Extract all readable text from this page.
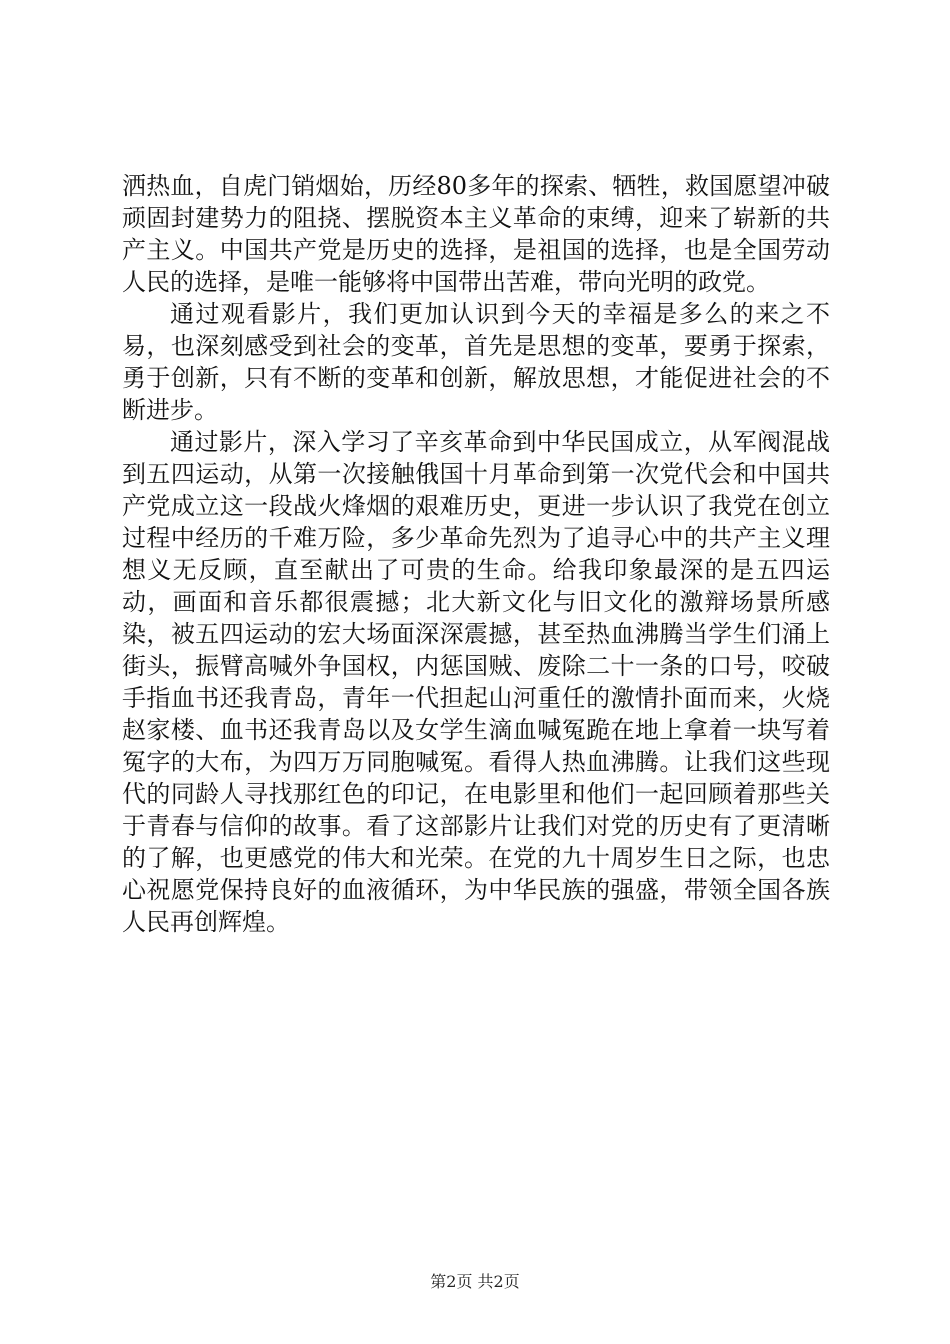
洒热血，自虎门销烟始，历经80多年的探索、牺牲，救国愿望冲破顽固封建势力的阻挠、摆脱资本主义革命的束缚，迎来了崭新的共产主义。中国共产党是历史的选择，是祖国的选择，也是全国劳动人民的选择，是唯一能够将中国带出苦难，带向光明的政党。

通过观看影片，我们更加认识到今天的幸福是多么的来之不易，也深刻感受到社会的变革，首先是思想的变革，要勇于探索，勇于创新，只有不断的变革和创新，解放思想，才能促进社会的不断进步。

通过影片，深入学习了辛亥革命到中华民国成立，从军阀混战到五四运动，从第一次接触俄国十月革命到第一次党代会和中国共产党成立这一段战火烽烟的艰难历史，更进一步认识了我党在创立过程中经历的千难万险，多少革命先烈为了追寻心中的共产主义理想义无反顾，直至献出了可贵的生命。给我印象最深的是五四运动，画面和音乐都很震撼；北大新文化与旧文化的激辩场景所感染，被五四运动的宏大场面深深震撼，甚至热血沸腾当学生们涌上街头，振臂高喊外争国权，内惩国贼、废除二十一条的口号，咬破手指血书还我青岛，青年一代担起山河重任的激情扑面而来，火烧赵家楼、血书还我青岛以及女学生滴血喊冤跪在地上拿着一块写着冤字的大布，为四万万同胞喊冤。看得人热血沸腾。让我们这些现代的同龄人寻找那红色的印记，在电影里和他们一起回顾着那些关于青春与信仰的故事。看了这部影片让我们对党的历史有了更清晰的了解，也更感党的伟大和光荣。在党的九十周岁生日之际，也忠心祝愿党保持良好的血液循环，为中华民族的强盛，带领全国各族人民再创辉煌。

第2页 共2页
